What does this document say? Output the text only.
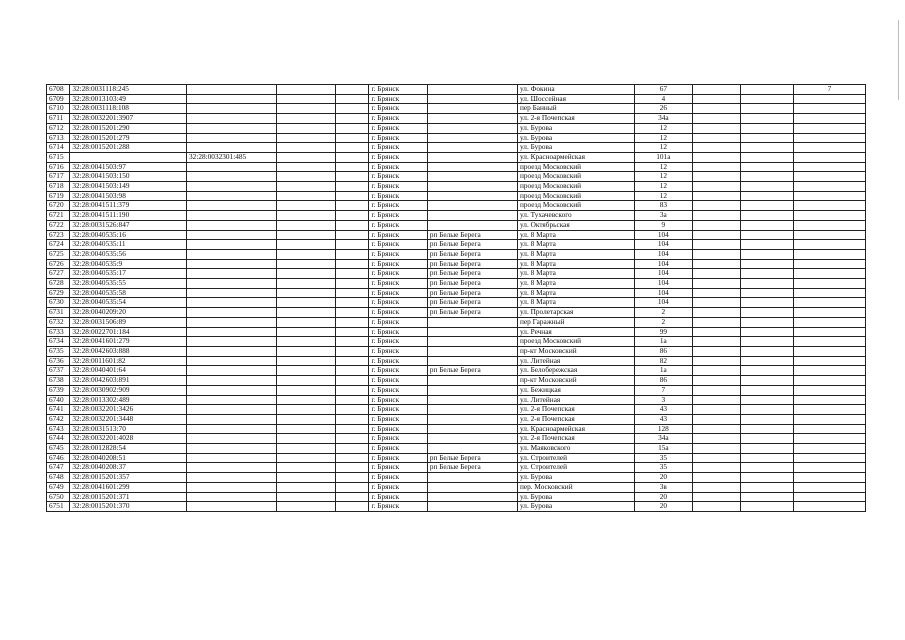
6708	32:28:0031118:245				г. Брянск		ул. Фокина	67			7
6709	32:28:0013103:49				г. Брянск		ул. Шоссейная	4			
6710	32:28:0031118:108				г. Брянск		пер Банный	26			
6711	32:28:0032201:3907				г. Брянск		ул. 2-я Почепская	34а			
6712	32:28:0015201:290				г. Брянск		ул. Бурова	12			
6713	32:28:0015201:279				г. Брянск		ул. Бурова	12			
6714	32:28:0015201:288				г. Брянск		ул. Бурова	12			
6715		32:28:0032301:485			г. Брянск		ул. Красноармейская	101а			
6716	32:28:0041503:97				г. Брянск		проезд Московский	12			
6717	32:28:0041503:150				г. Брянск		проезд Московский	12			
6718	32:28:0041503:149				г. Брянск		проезд Московский	12			
6719	32:28:0041503:98				г. Брянск		проезд Московский	12			
6720	32:28:0041511:379				г. Брянск		проезд Московский	83			
6721	32:28:0041511:190				г. Брянск		ул. Тухачевского	3а			
6722	32:28:0031526:847				г. Брянск		ул. Октябрьская	9			
6723	32:28:0040535:16				г. Брянск	рп Белые Берега	ул. 8 Марта	104			
6724	32:28:0040535:11				г. Брянск	рп Белые Берега	ул. 8 Марта	104			
6725	32:28:0040535:56				г. Брянск	рп Белые Берега	ул. 8 Марта	104			
6726	32:28:0040535:9				г. Брянск	рп Белые Берега	ул. 8 Марта	104			
6727	32:28:0040535:17				г. Брянск	рп Белые Берега	ул. 8 Марта	104			
6728	32:28:0040535:55				г. Брянск	рп Белые Берега	ул. 8 Марта	104			
6729	32:28:0040535:58				г. Брянск	рп Белые Берега	ул. 8 Марта	104			
6730	32:28:0040535:54				г. Брянск	рп Белые Берега	ул. 8 Марта	104			
6731	32:28:0040209:20				г. Брянск	рп Белые Берега	ул. Пролетарская	2			
6732	32:28:0031506:89				г. Брянск		пер Гаражный	2			
6733	32:28:0022701:184				г. Брянск		ул. Речная	99			
6734	32:28:0041601:279				г. Брянск		проезд Московский	1а			
6735	32:28:0042603:888				г. Брянск		пр-кт Московский	86			
6736	32:28:0011601:82				г. Брянск		ул. Литейная	82			
6737	32:28:0040401:64				г. Брянск	рп Белые Берега	ул. Белобережская	1а			
6738	32:28:0042603:891				г. Брянск		пр-кт Московский	86			
6739	32:28:0030902:909				г. Брянск		ул. Бежицкая	7			
6740	32:28:0013302:489				г. Брянск		ул. Литейная	3			
6741	32:28:0032201:3426				г. Брянск		ул. 2-я Почепская	43			
6742	32:28:0032201:3448				г. Брянск		ул. 2-я Почепская	43			
6743	32:28:0031513:70				г. Брянск		ул. Красноармейская	128			
6744	32:28:0032201:4028				г. Брянск		ул. 2-я Почепская	34а			
6745	32:28:0012828:54				г. Брянск		ул. Маяковского	15а			
6746	32:28:0040208:51				г. Брянск	рп Белые Берега	ул. Строителей	35			
6747	32:28:0040208:37				г. Брянск	рп Белые Берега	ул. Строителей	35			
6748	32:28:0015201:357				г. Брянск		ул. Бурова	20			
6749	32:28:0041601:299				г. Брянск		пер. Московский	3в			
6750	32:28:0015201:371				г. Брянск		ул. Бурова	20			
6751	32:28:0015201:370				г. Брянск		ул. Бурова	20			
